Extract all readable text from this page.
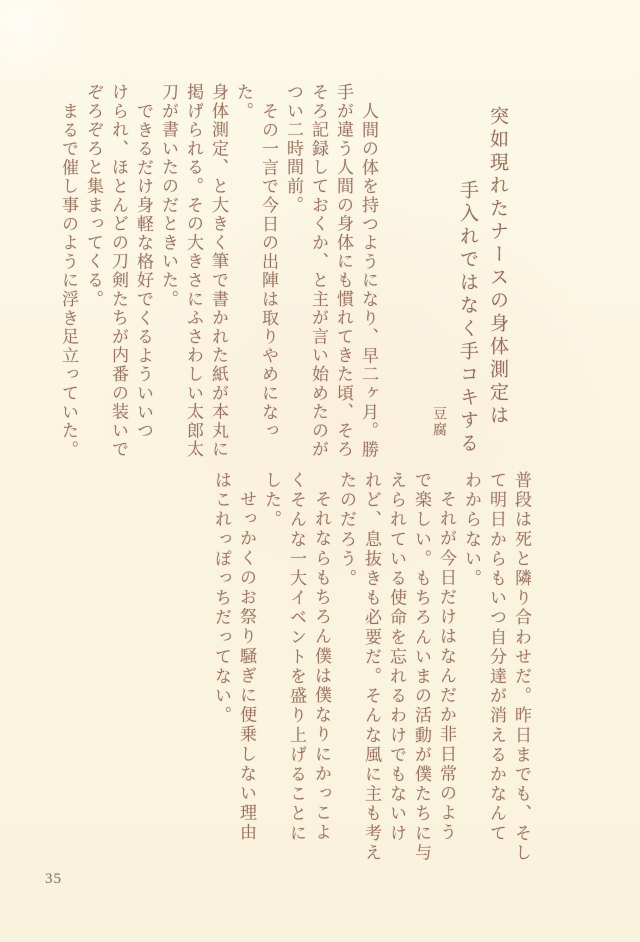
突如現れたナースの身体測定は
手入れではなく手コキする
豆腐
人間の体を持つようになり、早二ヶ月。勝
手が違う人間の身体にも慣れてきた頃、そろ
そろ記録しておくか、と主が言い始めたのが
つい二時間前。
その一言で今日の出陣は取りやめになっ
た。
身体測定、と大きく筆で書かれた紙が本丸に
掲げられる。その大きさにふさわしい太郎太
刀が書いたのだときいた。
できるだけ身軽な格好でくるよういいつ
けられ、ほとんどの刀剣たちが内番の装いで
ぞろぞろと集まってくる。
まるで催し事のように浮き足立っていた。
普段は死と隣り合わせだ。昨日までも、そし
て明日からもいつ自分達が消えるかなんて
わからない。
それが今日だけはなんだか非日常のよう
で楽しい。もちろんいまの活動が僕たちに与
えられている使命を忘れるわけでもないけ
れど、息抜きも必要だ。そんな風に主も考え
たのだろう。
それならもちろん僕は僕なりにかっこよ
くそんな一大イベントを盛り上げることに
した。
せっかくのお祭り騒ぎに便乗しない理由
はこれっぽっちだってない。
35
